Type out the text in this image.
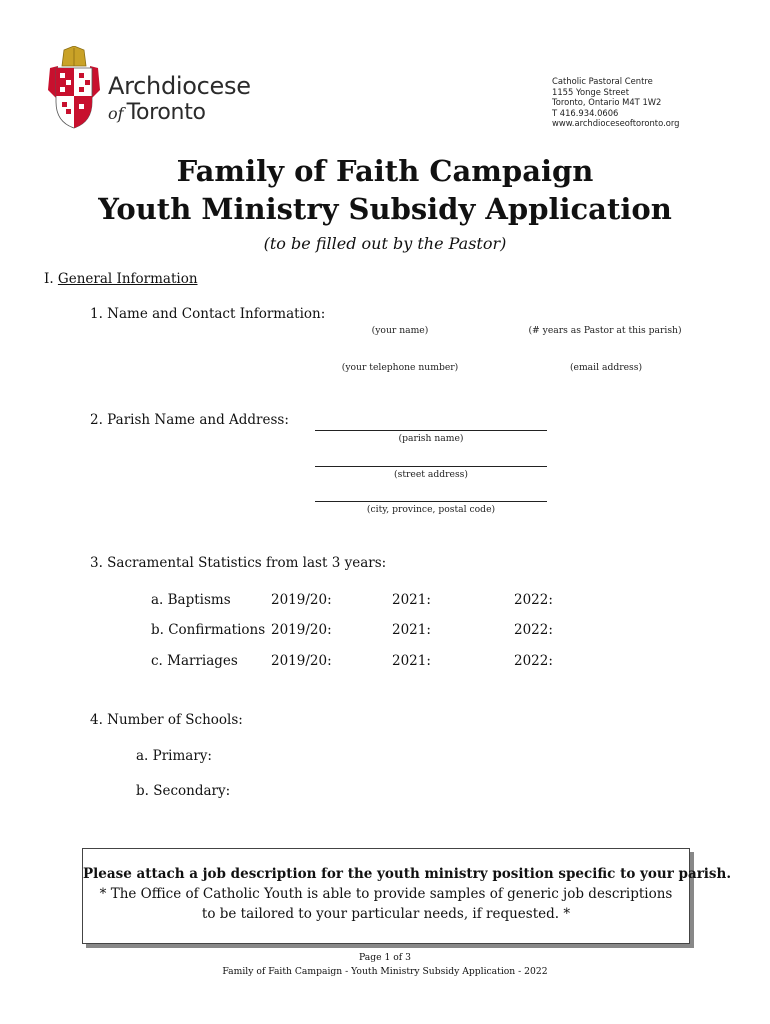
Archdiocese
of Toronto
Catholic Pastoral Centre
1155 Yonge Street
Toronto, Ontario M4T 1W2
T 416.934.0606
www.archdioceseoftoronto.org
Family of Faith Campaign
Youth Ministry Subsidy Application
(to be filled out by the Pastor)
I. General Information
1. Name and Contact Information:
(your name)	(# years as Pastor at this parish)
(your telephone number)	(email address)
2. Parish Name and Address:
(parish name)
(street address)
(city, province, postal code)
3. Sacramental Statistics from last 3 years:
a. Baptisms	2019/20:	2021:	2022:
b. Confirmations 2019/20:	2021:	2022:
c. Marriages 2019/20:	2021:	2022:
4. Number of Schools:
a. Primary:
b. Secondary:
Please attach a job description for the youth ministry position specific to your parish.
* The Office of Catholic Youth is able to provide samples of generic job descriptions
to be tailored to your particular needs, if requested. *
Page 1 of 3
Family of Faith Campaign - Youth Ministry Subsidy Application - 2022
